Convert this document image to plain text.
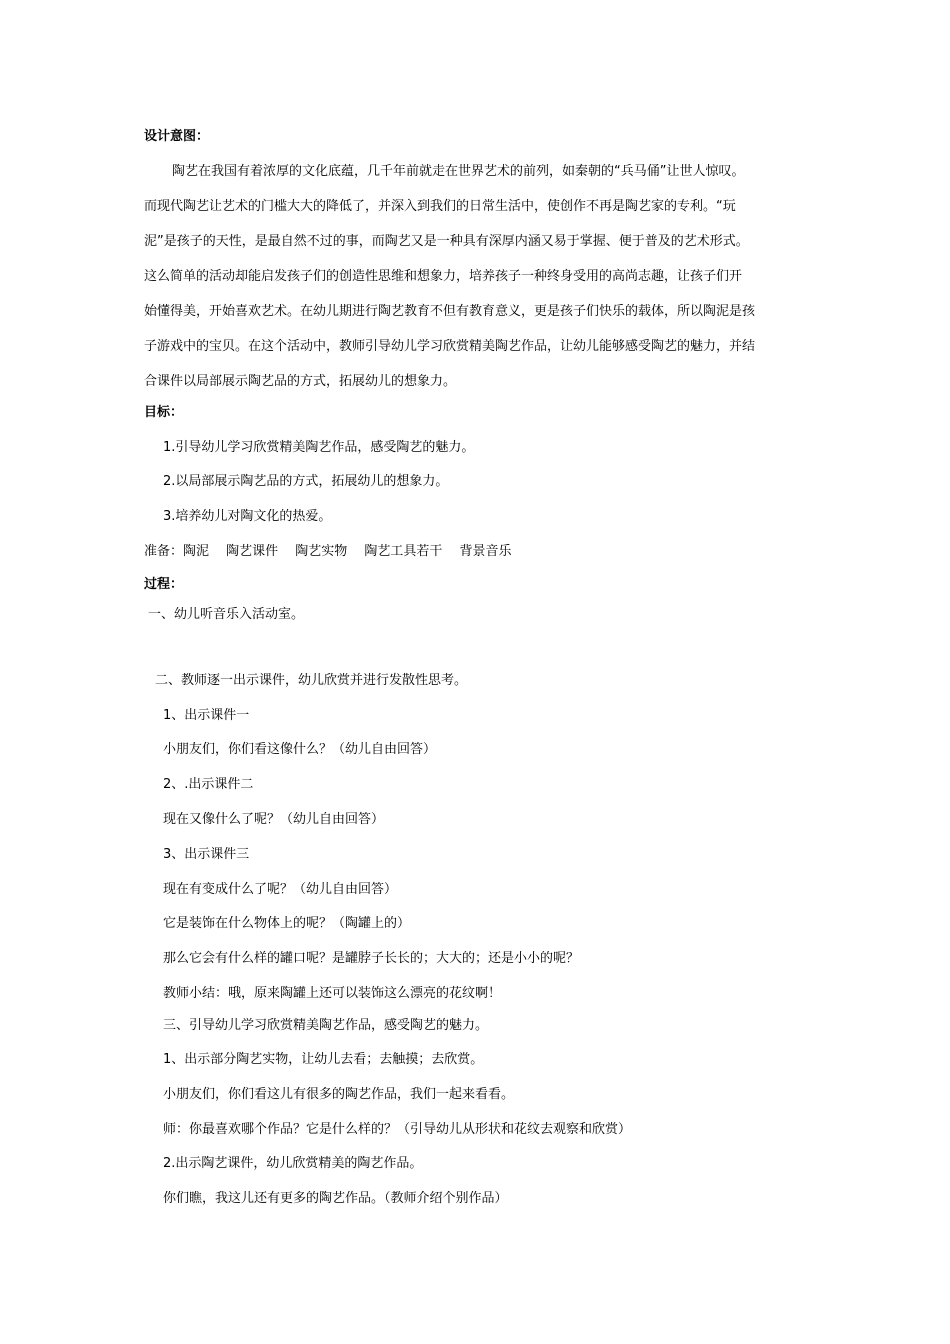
设计意图：
陶艺在我国有着浓厚的文化底蕴，几千年前就走在世界艺术的前列，如秦朝的“兵马俑”让世人惊叹。
而现代陶艺让艺术的门槛大大的降低了，并深入到我们的日常生活中，使创作不再是陶艺家的专利。“玩
泥”是孩子的天性，是最自然不过的事，而陶艺又是一种具有深厚内涵又易于掌握、便于普及的艺术形式。
这么简单的活动却能启发孩子们的创造性思维和想象力，培养孩子一种终身受用的高尚志趣，让孩子们开
始懂得美，开始喜欢艺术。在幼儿期进行陶艺教育不但有教育意义，更是孩子们快乐的载体，所以陶泥是孩
子游戏中的宝贝。在这个活动中，教师引导幼儿学习欣赏精美陶艺作品，让幼儿能够感受陶艺的魅力，并结
合课件以局部展示陶艺品的方式，拓展幼儿的想象力。
目标：
1.引导幼儿学习欣赏精美陶艺作品，感受陶艺的魅力。
2.以局部展示陶艺品的方式，拓展幼儿的想象力。
3.培养幼儿对陶文化的热爱。
准备：陶泥　 陶艺课件　 陶艺实物　 陶艺工具若干　 背景音乐
过程：
一、幼儿听音乐入活动室。
二、教师逐一出示课件，幼儿欣赏并进行发散性思考。
1、出示课件一
小朋友们，你们看这像什么？（幼儿自由回答）
2、.出示课件二
现在又像什么了呢？（幼儿自由回答）
3、出示课件三
现在有变成什么了呢？（幼儿自由回答）
它是装饰在什么物体上的呢？（陶罐上的）
那么它会有什么样的罐口呢？是罐脖子长长的；大大的；还是小小的呢？
教师小结：哦，原来陶罐上还可以装饰这么漂亮的花纹啊！
三、引导幼儿学习欣赏精美陶艺作品，感受陶艺的魅力。
1、出示部分陶艺实物，让幼儿去看；去触摸；去欣赏。
小朋友们，你们看这儿有很多的陶艺作品，我们一起来看看。
师：你最喜欢哪个作品？它是什么样的？（引导幼儿从形状和花纹去观察和欣赏）
2.出示陶艺课件，幼儿欣赏精美的陶艺作品。
你们瞧，我这儿还有更多的陶艺作品。（教师介绍个别作品）
